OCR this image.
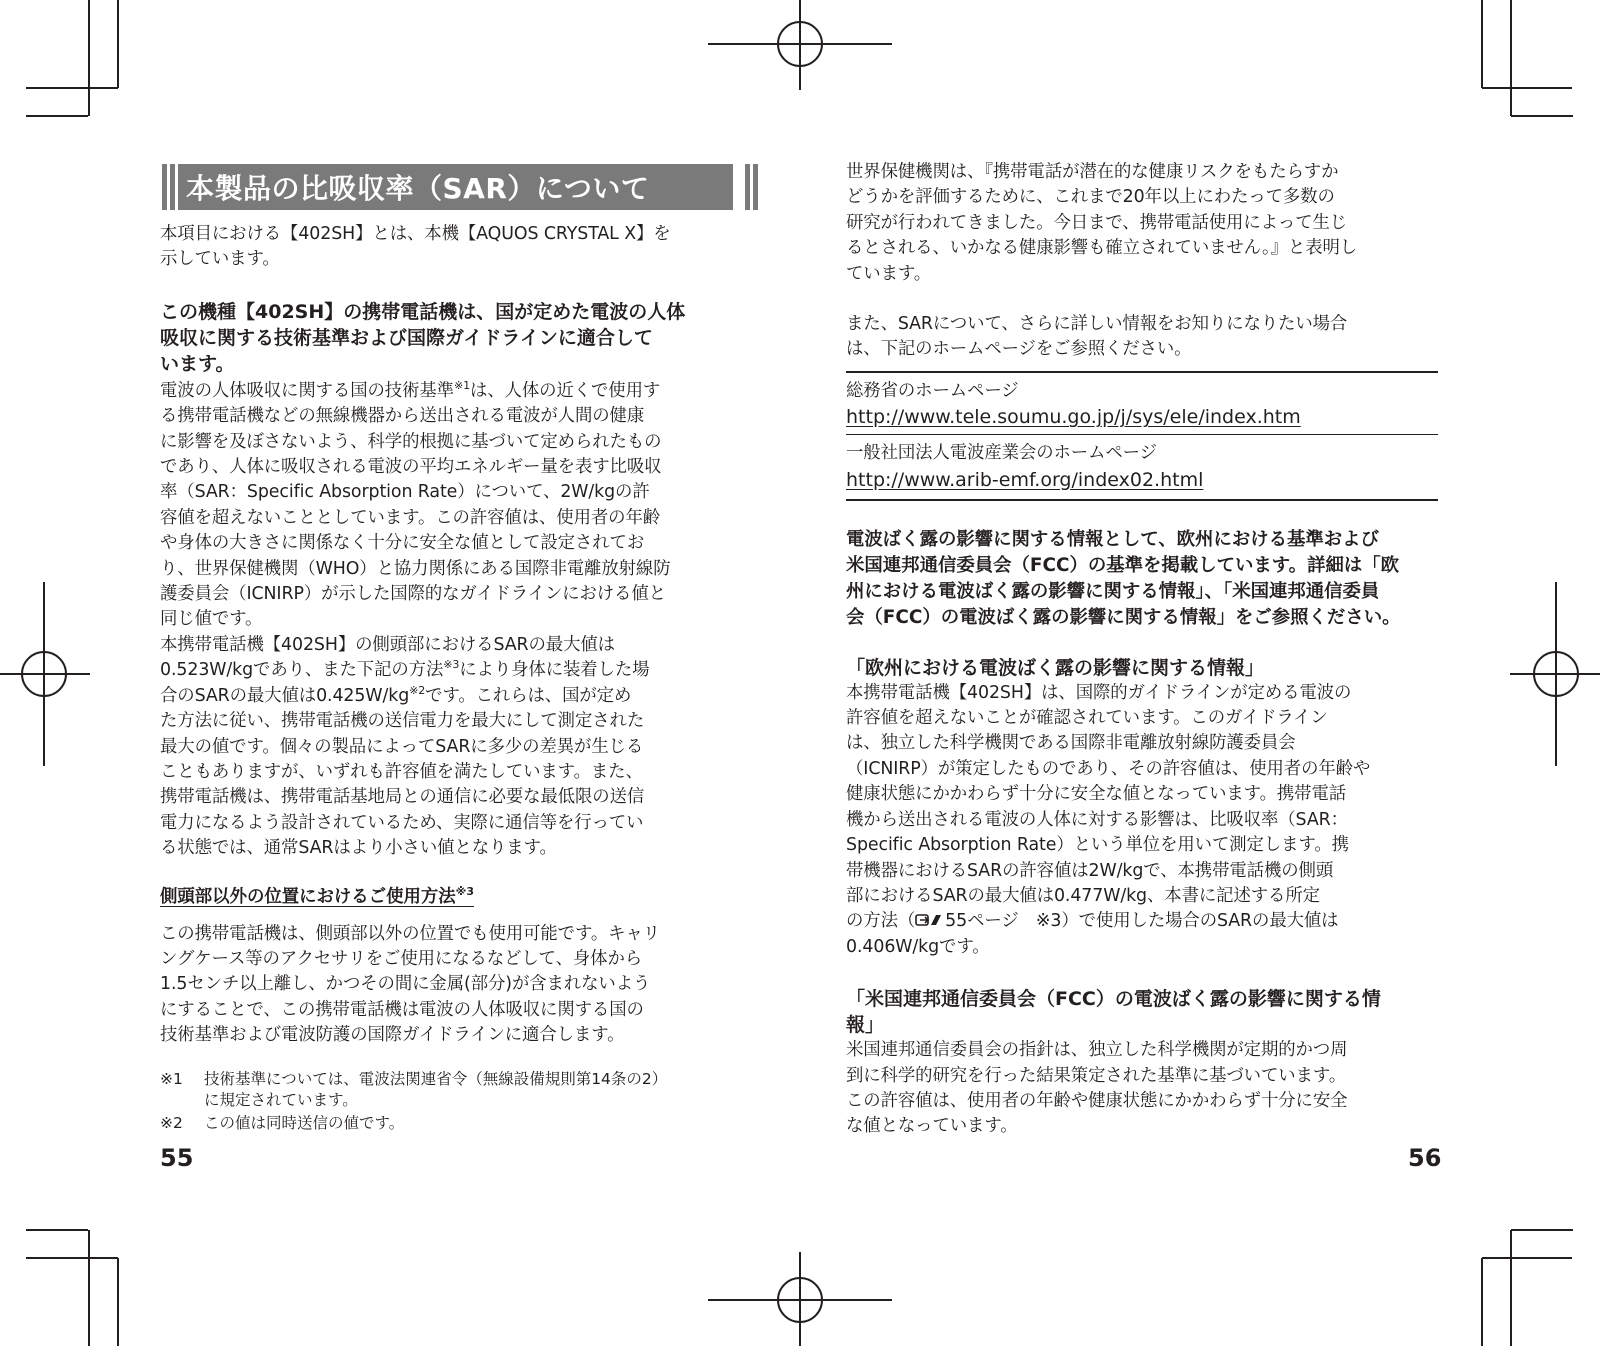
本製品の比吸収率（SAR）について

本項目における【402SH】とは、本機【AQUOS CRYSTAL X】を
示しています。

この機種【402SH】の携帯電話機は、国が定めた電波の人体
吸収に関する技術基準および国際ガイドラインに適合して
います。

電波の人体吸収に関する国の技術基準$^{※1}$は、人体の近くで使用す
る携帯電話機などの無線機器から送出される電波が人間の健康
に影響を及ぼさないよう、科学的根拠に基づいて定められたもの
であり、人体に吸収される電波の平均エネルギー量を表す比吸収
率（SAR：Specific Absorption Rate）について、2W/kgの許
容値を超えないこととしています。この許容値は、使用者の年齢
や身体の大きさに関係なく十分に安全な値として設定されてお
り、世界保健機関（WHO）と協力関係にある国際非電離放射線防
護委員会（ICNIRP）が示した国際的なガイドラインにおける値と
同じ値です。

本携帯電話機【402SH】の側頭部におけるSARの最大値は
0.523W/kgであり、また下記の方法$^{※3}$により身体に装着した場
合のSARの最大値は$0.425W/kg^{※2}$です。これらは、国が定め
た方法に従い、携帯電話機の送信電力を最大にして測定された
最大の値です。個々の製品によってSARに多少の差異が生じる
こともありますが、いずれも許容値を満たしています。また、
携帯電話機は、携帯電話基地局との通信に必要な最低限の送信
電力になるよう設計されているため、実際に通信等を行ってい
る状態では、通常SARはより小さい値となります。

側頭部以外の位置におけるご使用方法$^{※3}$

この携帯電話機は、側頭部以外の位置でも使用可能です。キャリ
ングケース等のアクセサリをご使用になるなどして、身体から
1.5センチ以上離し、かつその間に金属(部分)が含まれないよう
にすることで、この携帯電話機は電波の人体吸収に関する国の
技術基準および電波防護の国際ガイドラインに適合します。

※1	技術基準については、電波法関連省令（無線設備規則第14条の2）
に規定されています。
※2	この値は同時送信の値です。
55

世界保健機関は、『携帯電話が潜在的な健康リスクをもたらすか
どうかを評価するために、これまで20年以上にわたって多数の
研究が行われてきました。今日まで、携帯電話使用によって生じ
るとされる、いかなる健康影響も確立されていません。』と表明し
ています。

また、SARについて、さらに詳しい情報をお知りになりたい場合
は、下記のホームページをご参照ください。

総務省のホームページ
http://www.tele.soumu.go.jp/j/sys/ele/index.htm
一般社団法人電波産業会のホームページ
http://www.arib-emf.org/index02.html

電波ばく露の影響に関する情報として、欧州における基準および
米国連邦通信委員会（FCC）の基準を掲載しています。詳細は「欧
州における電波ばく露の影響に関する情報」、「米国連邦通信委員
会（FCC）の電波ばく露の影響に関する情報」をご参照ください。

「欧州における電波ばく露の影響に関する情報」

本携帯電話機【402SH】は、国際的ガイドラインが定める電波の
許容値を超えないことが確認されています。このガイドライン
は、独立した科学機関である国際非電離放射線防護委員会
（ICNIRP）が策定したものであり、その許容値は、使用者の年齢や
健康状態にかかわらず十分に安全な値となっています。携帯電話
機から送出される電波の人体に対する影響は、比吸収率（SAR：
Specific Absorption Rate）という単位を用いて測定します。携
帯機器におけるSARの許容値は2W/kgで、本携帯電話機の側頭
部におけるSARの最大値は0.477W/kg、本書に記述する所定
の方法（ 55ページ　※3）で使用した場合のSARの最大値は
0.406W/kgです。

「米国連邦通信委員会（FCC）の電波ばく露の影響に関する情
報」

米国連邦通信委員会の指針は、独立した科学機関が定期的かつ周
到に科学的研究を行った結果策定された基準に基づいています。
この許容値は、使用者の年齢や健康状態にかかわらず十分に安全
な値となっています。

56
